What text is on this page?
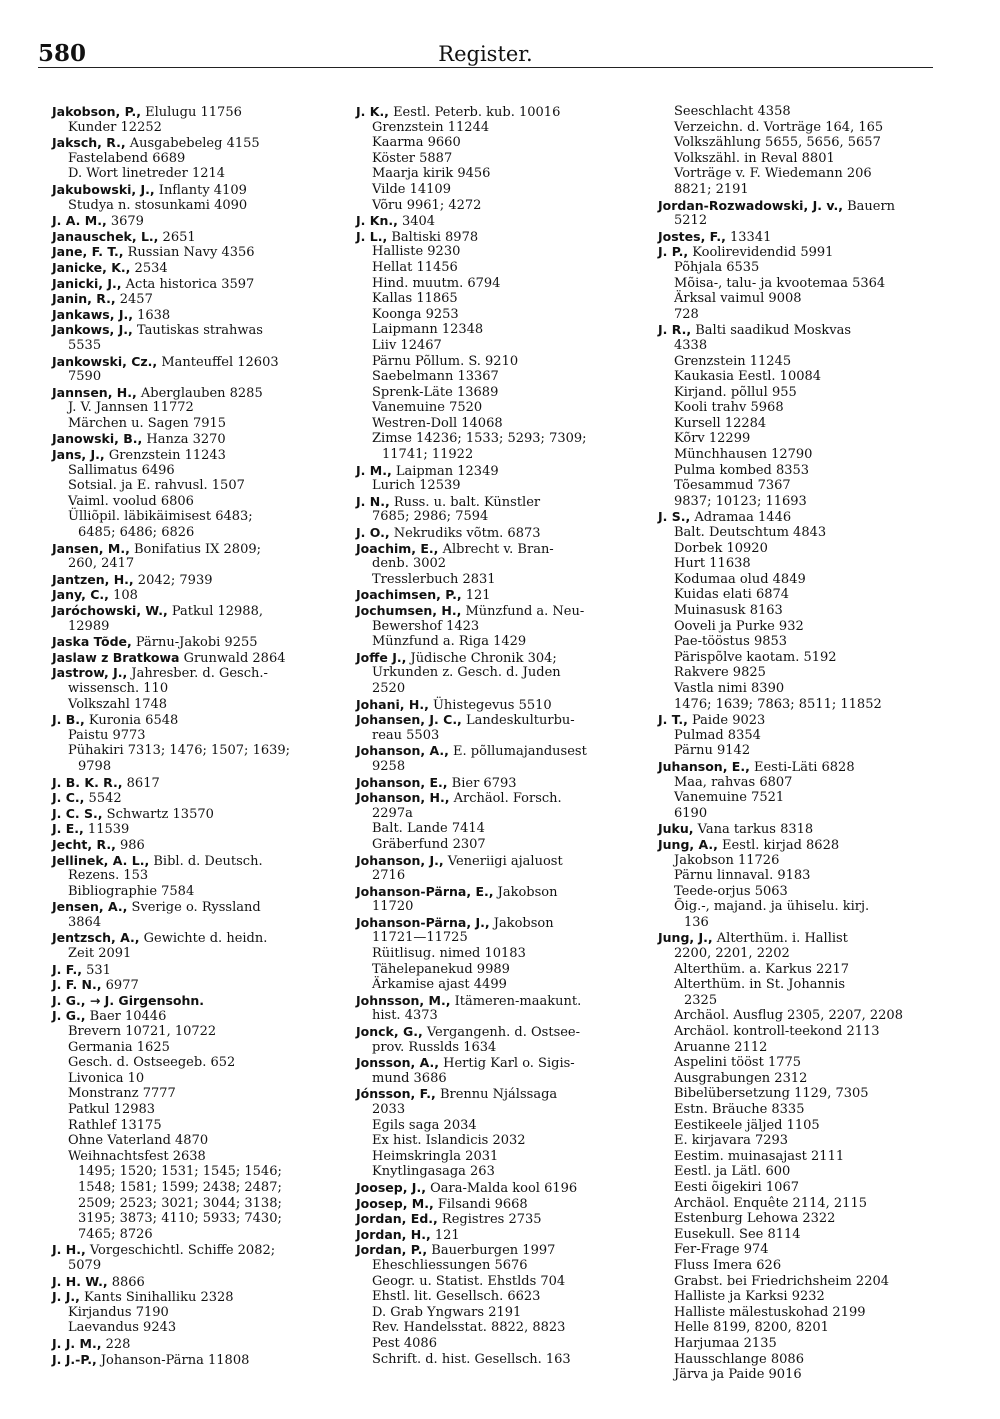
580	Register.
Jakobson, P., Elulugu 11756
Kunder 12252
Jaksch, R., Ausgabebeleg 4155
Fastelabend 6689
D. Wort linetreder 1214
Jakubowski, J., Inflanty 4109
Studya n. stosunkami 4090
J. A. M., 3679
Janauschek, L., 2651
Jane, F. T., Russian Navy 4356
Janicke, K., 2534
Janicki, J., Acta historica 3597
Janin, R., 2457
Jankaws, J., 1638
Jankows, J., Tautiskas strahwas
5535
Jankowski, Cz., Manteuffel 12603
7590
Jannsen, H., Aberglauben 8285
J. V. Jannsen 11772
Märchen u. Sagen 7915
Janowski, B., Hanza 3270
Jans, J., Grenzstein 11243
Sallimatus 6496
Sotsial. ja E. rahvusl. 1507
Vaiml. voolud 6806
Ülliõpil. läbikäimisest 6483;
6485; 6486; 6826
Jansen, M., Bonifatius IX 2809;
260, 2417
Jantzen, H., 2042; 7939
Jany, C., 108
Jaróchowski, W., Patkul 12988,
12989
Jaska Tõde, Pärnu-Jakobi 9255
Jaslaw z Bratkowa Grunwald 2864
Jastrow, J., Jahresber. d. Gesch.-
wissensch. 110
Volkszahl 1748
J. B., Kuronia 6548
Paistu 9773
Pühakiri 7313; 1476; 1507; 1639;
9798
J. B. K. R., 8617
J. C., 5542
J. C. S., Schwartz 13570
J. E., 11539
Jecht, R., 986
Jellinek, A. L., Bibl. d. Deutsch.
Rezens. 153
Bibliographie 7584
Jensen, A., Sverige o. Ryssland
3864
Jentzsch, A., Gewichte d. heidn.
Zeit 2091
J. F., 531
J. F. N., 6977
J. G., → J. Girgensohn.
J. G., Baer 10446
Brevern 10721, 10722
Germania 1625
Gesch. d. Ostseegeb. 652
Livonica 10
Monstranz 7777
Patkul 12983
Rathlef 13175
Ohne Vaterland 4870
Weihnachtsfest 2638
1495; 1520; 1531; 1545; 1546;
1548; 1581; 1599; 2438; 2487;
2509; 2523; 3021; 3044; 3138;
3195; 3873; 4110; 5933; 7430;
7465; 8726
J. H., Vorgeschichtl. Schiffe 2082;
5079
J. H. W., 8866
J. J., Kants Sinihalliku 2328
Kirjandus 7190
Laevandus 9243
J. J. M., 228
J. J.-P., Johanson-Pärna 11808
J. K., Eestl. Peterb. kub. 10016
Grenzstein 11244
Kaarma 9660
Köster 5887
Maarja kirik 9456
Vilde 14109
Võru 9961; 4272
J. Kn., 3404
J. L., Baltiski 8978
Halliste 9230
Hellat 11456
Hind. muutm. 6794
Kallas 11865
Koonga 9253
Laipmann 12348
Liiv 12467
Pärnu Põllum. S. 9210
Saebelmann 13367
Sprenk-Läte 13689
Vanemuine 7520
Westren-Doll 14068
Zimse 14236; 1533; 5293; 7309;
11741; 11922
J. M., Laipman 12349
Lurich 12539
J. N., Russ. u. balt. Künstler
7685; 2986; 7594
J. O., Nekrudiks võtm. 6873
Joachim, E., Albrecht v. Bran-
denb. 3002
Tresslerbuch 2831
Joachimsen, P., 121
Jochumsen, H., Münzfund a. Neu-
Bewershof 1423
Münzfund a. Riga 1429
Joffe J., Jüdische Chronik 304;
Urkunden z. Gesch. d. Juden
2520
Johani, H., Ühistegevus 5510
Johansen, J. C., Landeskulturbu-
reau 5503
Johanson, A., E. põllumajandusest
9258
Johanson, E., Bier 6793
Johanson, H., Archäol. Forsch.
2297a
Balt. Lande 7414
Gräberfund 2307
Johanson, J., Veneriigi ajaluost
2716
Johanson-Pärna, E., Jakobson
11720
Johanson-Pärna, J., Jakobson
11721—11725
Rüitlisug. nimed 10183
Tähelepanekud 9989
Ärkamise ajast 4499
Johnsson, M., Itämeren-maakunt.
hist. 4373
Jonck, G., Vergangenh. d. Ostsee-
prov. Russlds 1634
Jonsson, A., Hertig Karl o. Sigis-
mund 3686
Jónsson, F., Brennu Njálssaga
2033
Egils saga 2034
Ex hist. Islandicis 2032
Heimskringla 2031
Knytlingasaga 263
Joosep, J., Oara-Malda kool 6196
Joosep, M., Filsandi 9668
Jordan, Ed., Registres 2735
Jordan, H., 121
Jordan, P., Bauerburgen 1997
Eheschliessungen 5676
Geogr. u. Statist. Ehstlds 704
Ehstl. lit. Gesellsch. 6623
D. Grab Yngwars 2191
Rev. Handelsstat. 8822, 8823
Pest 4086
Schrift. d. hist. Gesellsch. 163
Seeschlacht 4358
Verzeichn. d. Vorträge 164, 165
Volkszählung 5655, 5656, 5657
Volkszähl. in Reval 8801
Vorträge v. F. Wiedemann 206
8821; 2191
Jordan-Rozwadowski, J. v., Bauern
5212
Jostes, F., 13341
J. P., Koolirevidendid 5991
Põhjala 6535
Mõisa-, talu- ja kvootemaa 5364
Ärksal vaimul 9008
728
J. R., Balti saadikud Moskvas
4338
Grenzstein 11245
Kaukasia Eestl. 10084
Kirjand. põllul 955
Kooli trahv 5968
Kursell 12284
Kõrv 12299
Münchhausen 12790
Pulma kombed 8353
Tõesammud 7367
9837; 10123; 11693
J. S., Adramaa 1446
Balt. Deutschtum 4843
Dorbek 10920
Hurt 11638
Kodumaa olud 4849
Kuidas elati 6874
Muinasusk 8163
Ooveli ja Purke 932
Pae-tööstus 9853
Pärispõlve kaotam. 5192
Rakvere 9825
Vastla nimi 8390
1476; 1639; 7863; 8511; 11852
J. T., Paide 9023
Pulmad 8354
Pärnu 9142
Juhanson, E., Eesti-Läti 6828
Maa, rahvas 6807
Vanemuine 7521
6190
Juku, Vana tarkus 8318
Jung, A., Eestl. kirjad 8628
Jakobson 11726
Pärnu linnaval. 9183
Teede-orjus 5063
Õig.-, majand. ja ühiselu. kirj.
136
Jung, J., Alterthüm. i. Hallist
2200, 2201, 2202
Alterthüm. a. Karkus 2217
Alterthüm. in St. Johannis
2325
Archäol. Ausflug 2305, 2207, 2208
Archäol. kontroll-teekond 2113
Aruanne 2112
Aspelini tööst 1775
Ausgrabungen 2312
Bibelübersetzung 1129, 7305
Estn. Bräuche 8335
Eestikeele jäljed 1105
E. kirjavara 7293
Eestim. muinasajast 2111
Eestl. ja Lätl. 600
Eesti õigekiri 1067
Archäol. Enquête 2114, 2115
Estenburg Lehowa 2322
Eusekull. See 8114
Fer-Frage 974
Fluss Imera 626
Grabst. bei Friedrichsheim 2204
Halliste ja Karksi 9232
Halliste mälestuskohad 2199
Helle 8199, 8200, 8201
Harjumaa 2135
Hausschlange 8086
Järva ja Paide 9016
